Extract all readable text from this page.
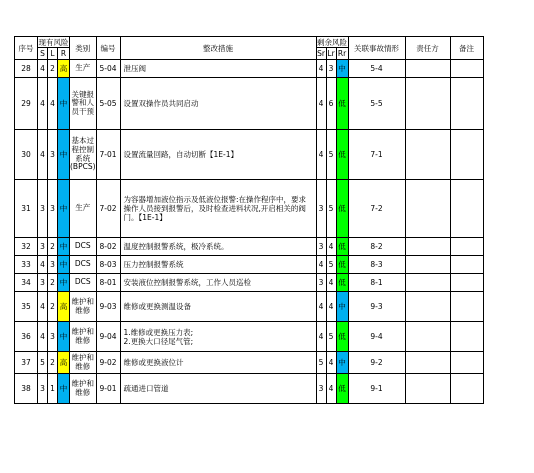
序号	现有风险			类别	编号	整改措施	剩余风险			关联事故情形	责任方	备注
	S	L	R				Sr	Lr	Rr			
28	4	2	高	生产	5-04	泄压阀	4	3	中	5-4		
29	4	4	中	关键报警和人员干预	5-05	设置双操作员共同启动	4	6	低	5-5		
30	4	3	中	基本过程控制系统(BPCS)	7-01	设置流量回路，自动切断【1E-1】	4	5	低	7-1		
31	3	3	中	生产	7-02	为容器增加液位指示及低液位报警:在操作程序中，要求操作人员接到报警后，及时检查进料状况,开启相关的阀门。【1E-1】	3	5	低	7-2		
32	3	2	中	DCS	8-02	温度控制报警系统，极冷系统。	3	4	低	8-2		
33	4	3	中	DCS	8-03	压力控制报警系统	4	5	低	8-3		
34	3	2	中	DCS	8-01	安装液位控制报警系统，工作人员巡检	3	4	低	8-1		
35	4	2	高	维护和维修	9-03	维修或更换测温设备	4	4	中	9-3		
36	4	3	中	维护和维修	9-04	1.维修或更换压力表;
2.更换大口径尾气管;	4	5	低	9-4		
37	5	2	高	维护和维修	9-02	维修或更换液位计	5	4	中	9-2		
38	3	1	中	维护和维修	9-01	疏通进口管道	3	4	低	9-1		
